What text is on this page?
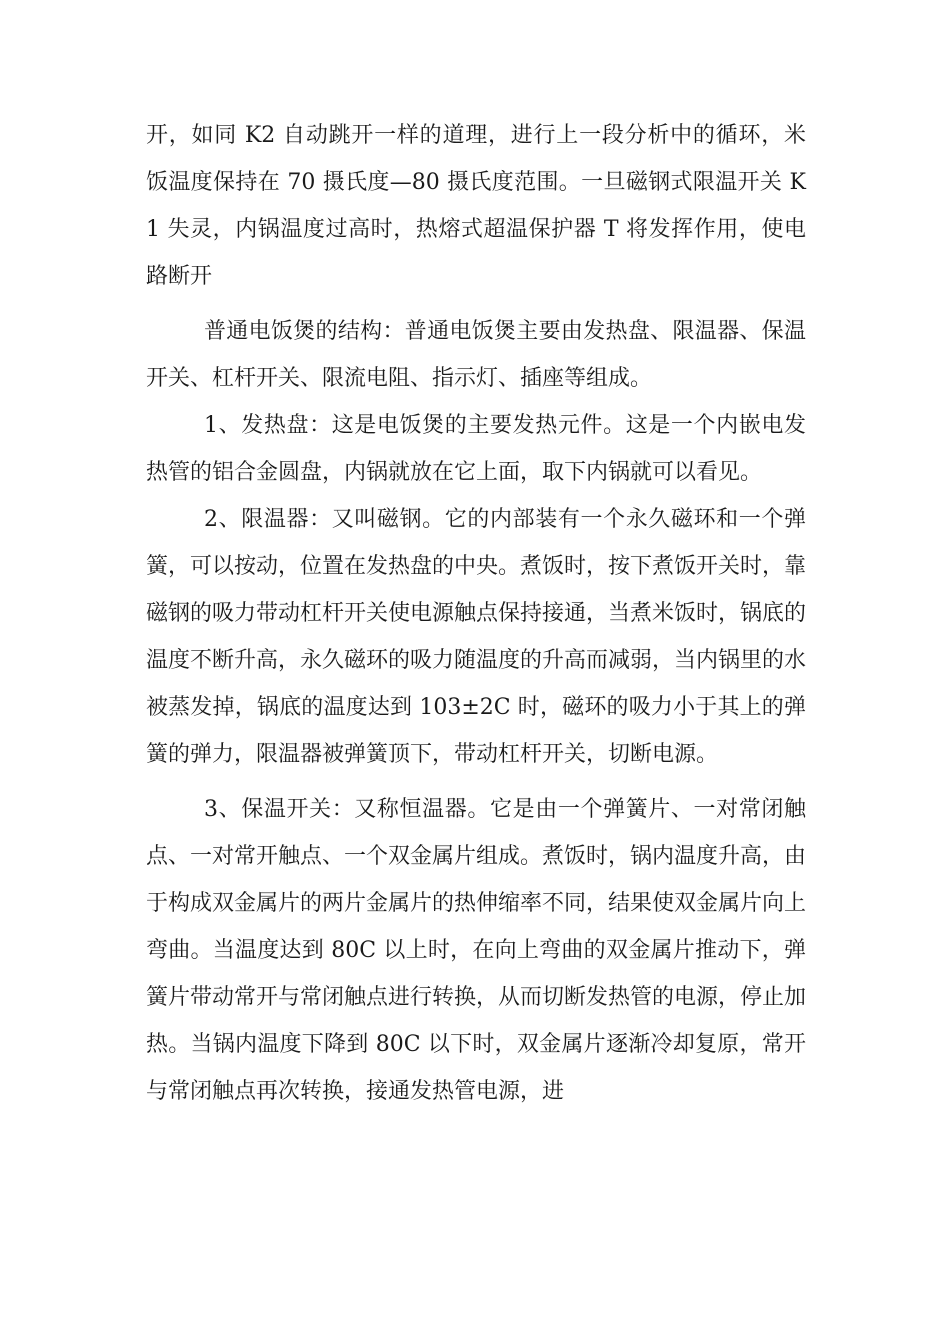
开，如同 K2 自动跳开一样的道理，进行上一段分析中的循环，米饭温度保持在 70 摄氏度—80 摄氏度范围。一旦磁钢式限温开关 K1 失灵，内锅温度过高时，热熔式超温保护器 T 将发挥作用，使电路断开

普通电饭煲的结构：普通电饭煲主要由发热盘、限温器、保温开关、杠杆开关、限流电阻、指示灯、插座等组成。

1、发热盘：这是电饭煲的主要发热元件。这是一个内嵌电发热管的铝合金圆盘，内锅就放在它上面，取下内锅就可以看见。

2、限温器：又叫磁钢。它的内部装有一个永久磁环和一个弹簧，可以按动，位置在发热盘的中央。煮饭时，按下煮饭开关时，靠磁钢的吸力带动杠杆开关使电源触点保持接通，当煮米饭时，锅底的温度不断升高，永久磁环的吸力随温度的升高而减弱，当内锅里的水被蒸发掉，锅底的温度达到 103±2C 时，磁环的吸力小于其上的弹簧的弹力，限温器被弹簧顶下，带动杠杆开关，切断电源。

3、保温开关：又称恒温器。它是由一个弹簧片、一对常闭触点、一对常开触点、一个双金属片组成。煮饭时，锅内温度升高，由于构成双金属片的两片金属片的热伸缩率不同，结果使双金属片向上弯曲。当温度达到 80C 以上时，在向上弯曲的双金属片推动下，弹簧片带动常开与常闭触点进行转换，从而切断发热管的电源，停止加热。当锅内温度下降到 80C 以下时，双金属片逐渐冷却复原，常开与常闭触点再次转换，接通发热管电源，进
